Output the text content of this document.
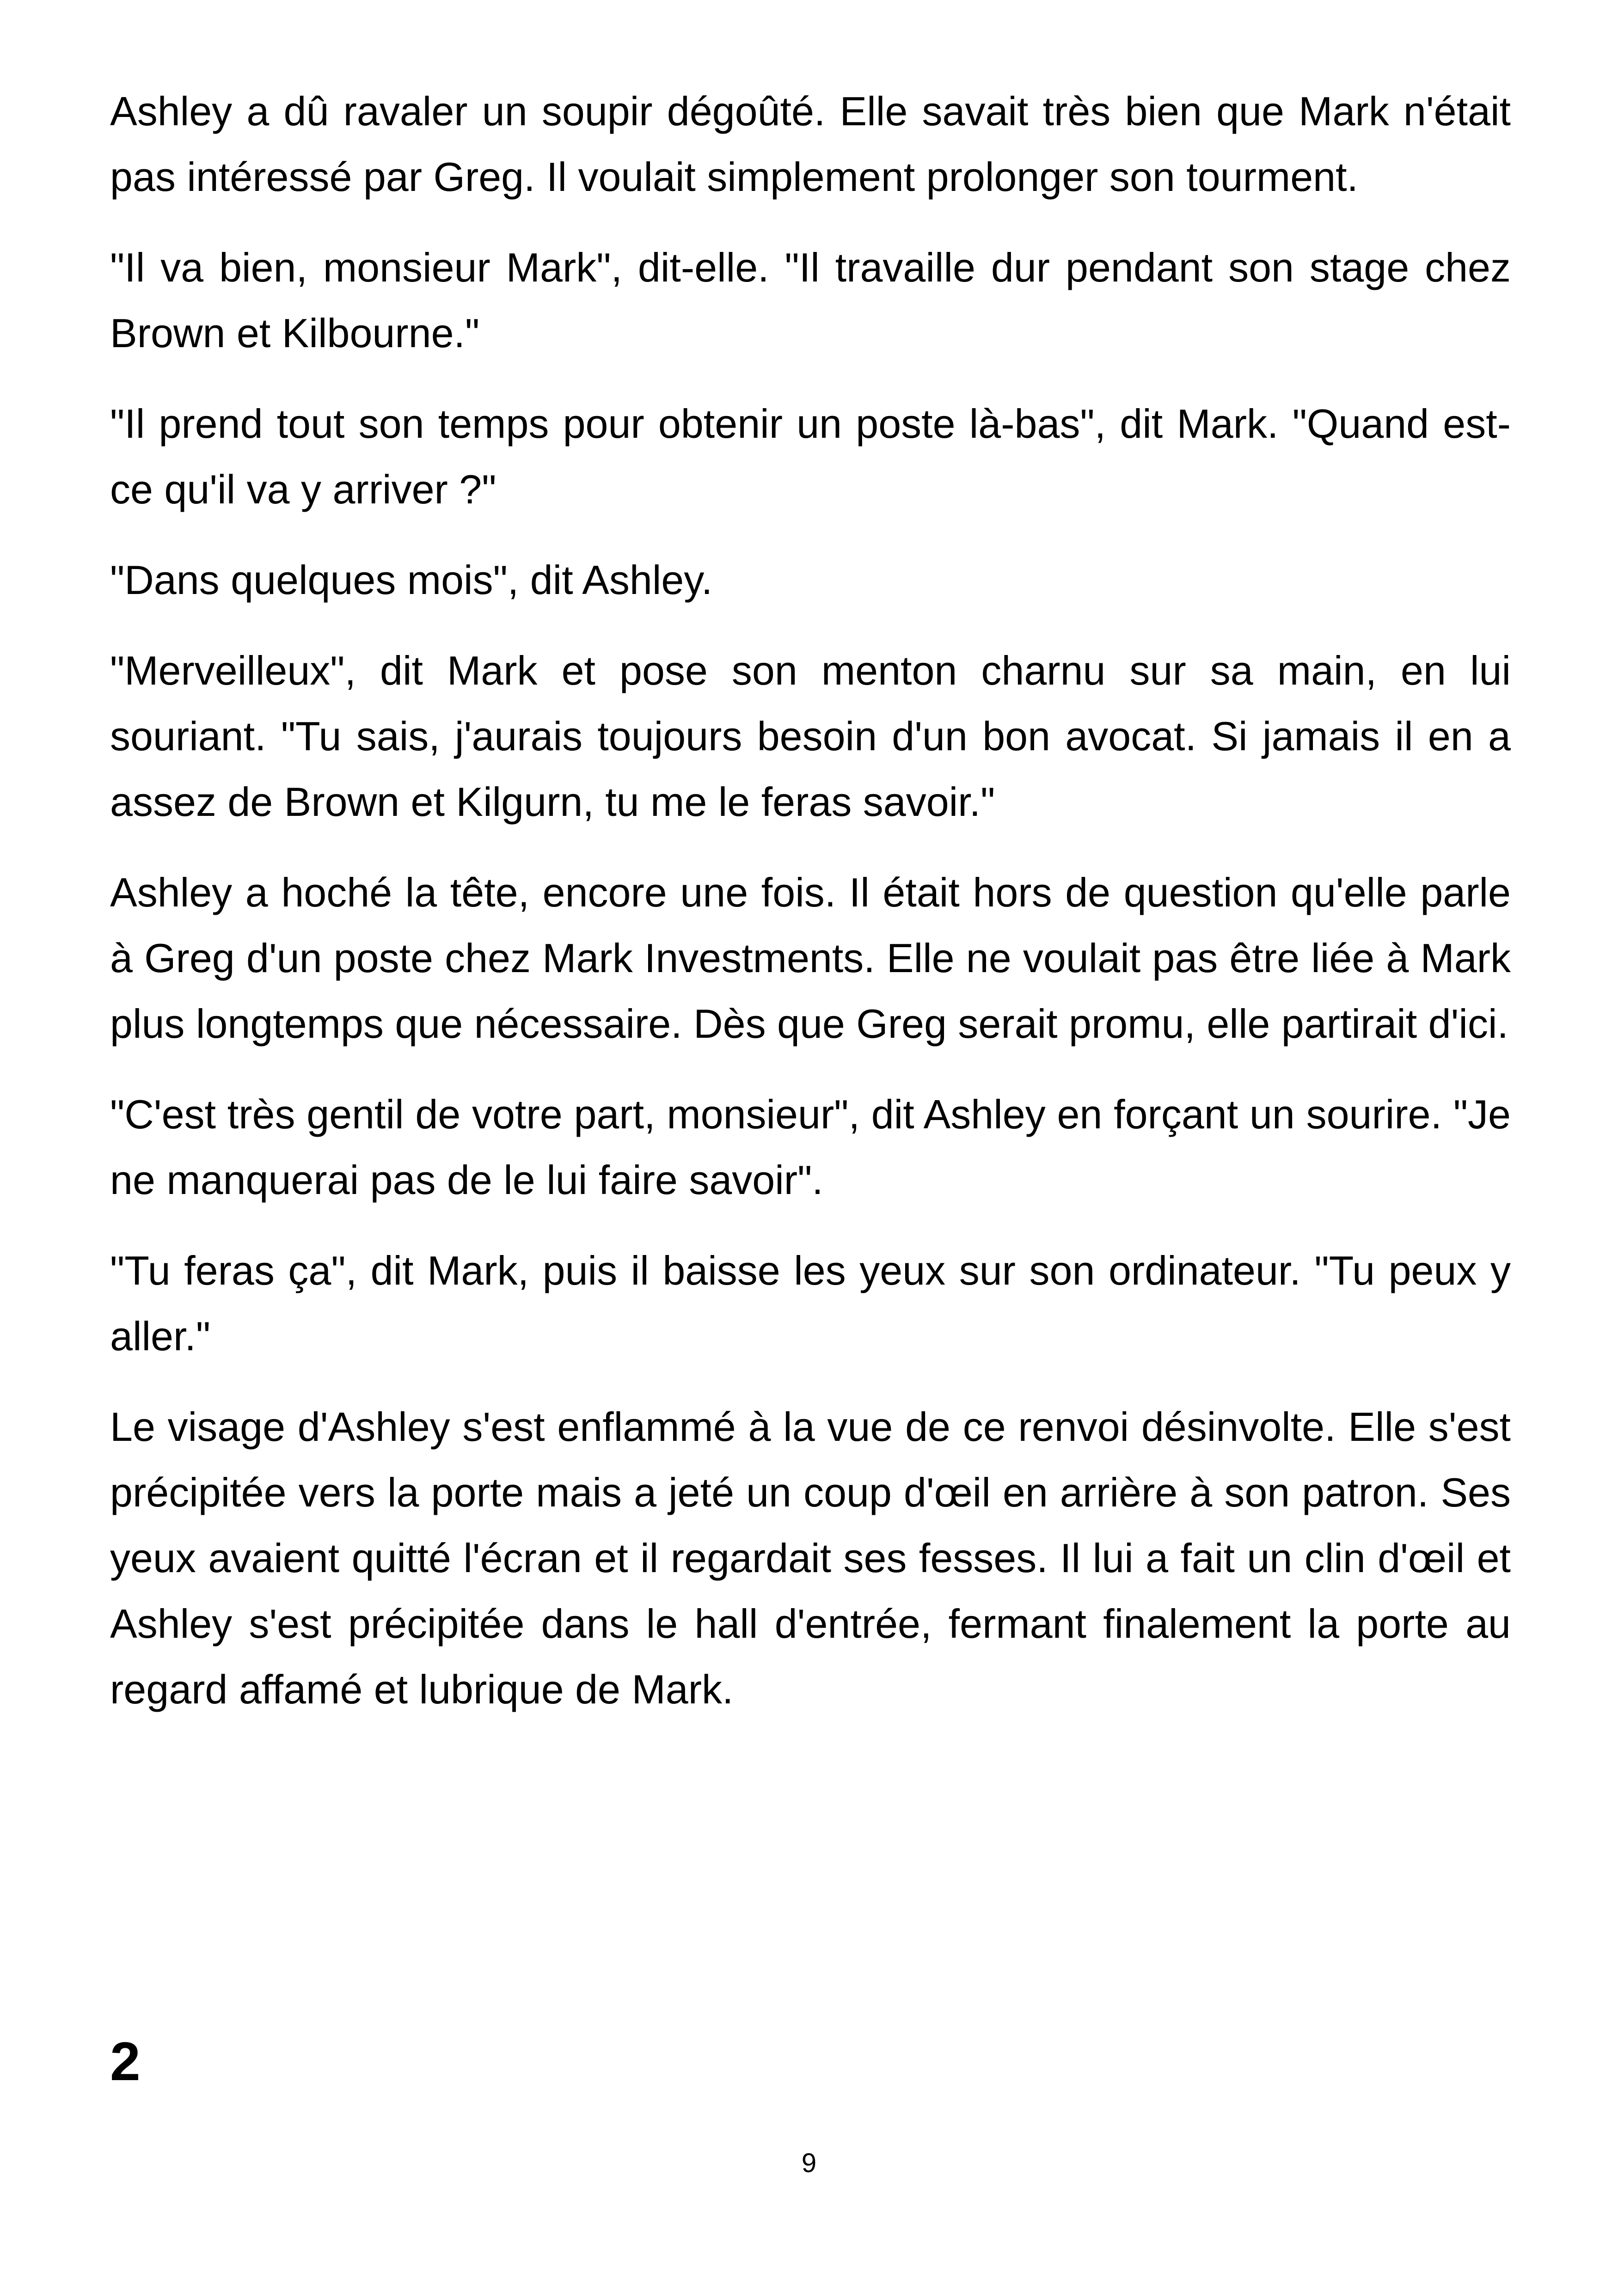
Ashley a dû ravaler un soupir dégoûté. Elle savait très bien que Mark n'était pas intéressé par Greg. Il voulait simplement prolonger son tourment.

"Il va bien, monsieur Mark", dit-elle. "Il travaille dur pendant son stage chez Brown et Kilbourne."

"Il prend tout son temps pour obtenir un poste là-bas", dit Mark. "Quand est-ce qu'il va y arriver ?"

"Dans quelques mois", dit Ashley.

"Merveilleux", dit Mark et pose son menton charnu sur sa main, en lui souriant. "Tu sais, j'aurais toujours besoin d'un bon avocat. Si jamais il en a assez de Brown et Kilgurn, tu me le feras savoir."

Ashley a hoché la tête, encore une fois. Il était hors de question qu'elle parle à Greg d'un poste chez Mark Investments. Elle ne voulait pas être liée à Mark plus longtemps que nécessaire. Dès que Greg serait promu, elle partirait d'ici.

"C'est très gentil de votre part, monsieur", dit Ashley en forçant un sourire. "Je ne manquerai pas de le lui faire savoir".

"Tu feras ça", dit Mark, puis il baisse les yeux sur son ordinateur. "Tu peux y aller."

Le visage d'Ashley s'est enflammé à la vue de ce renvoi désinvolte. Elle s'est précipitée vers la porte mais a jeté un coup d'œil en arrière à son patron. Ses yeux avaient quitté l'écran et il regardait ses fesses. Il lui a fait un clin d'œil et Ashley s'est précipitée dans le hall d'entrée, fermant finalement la porte au regard affamé et lubrique de Mark.

2
9
